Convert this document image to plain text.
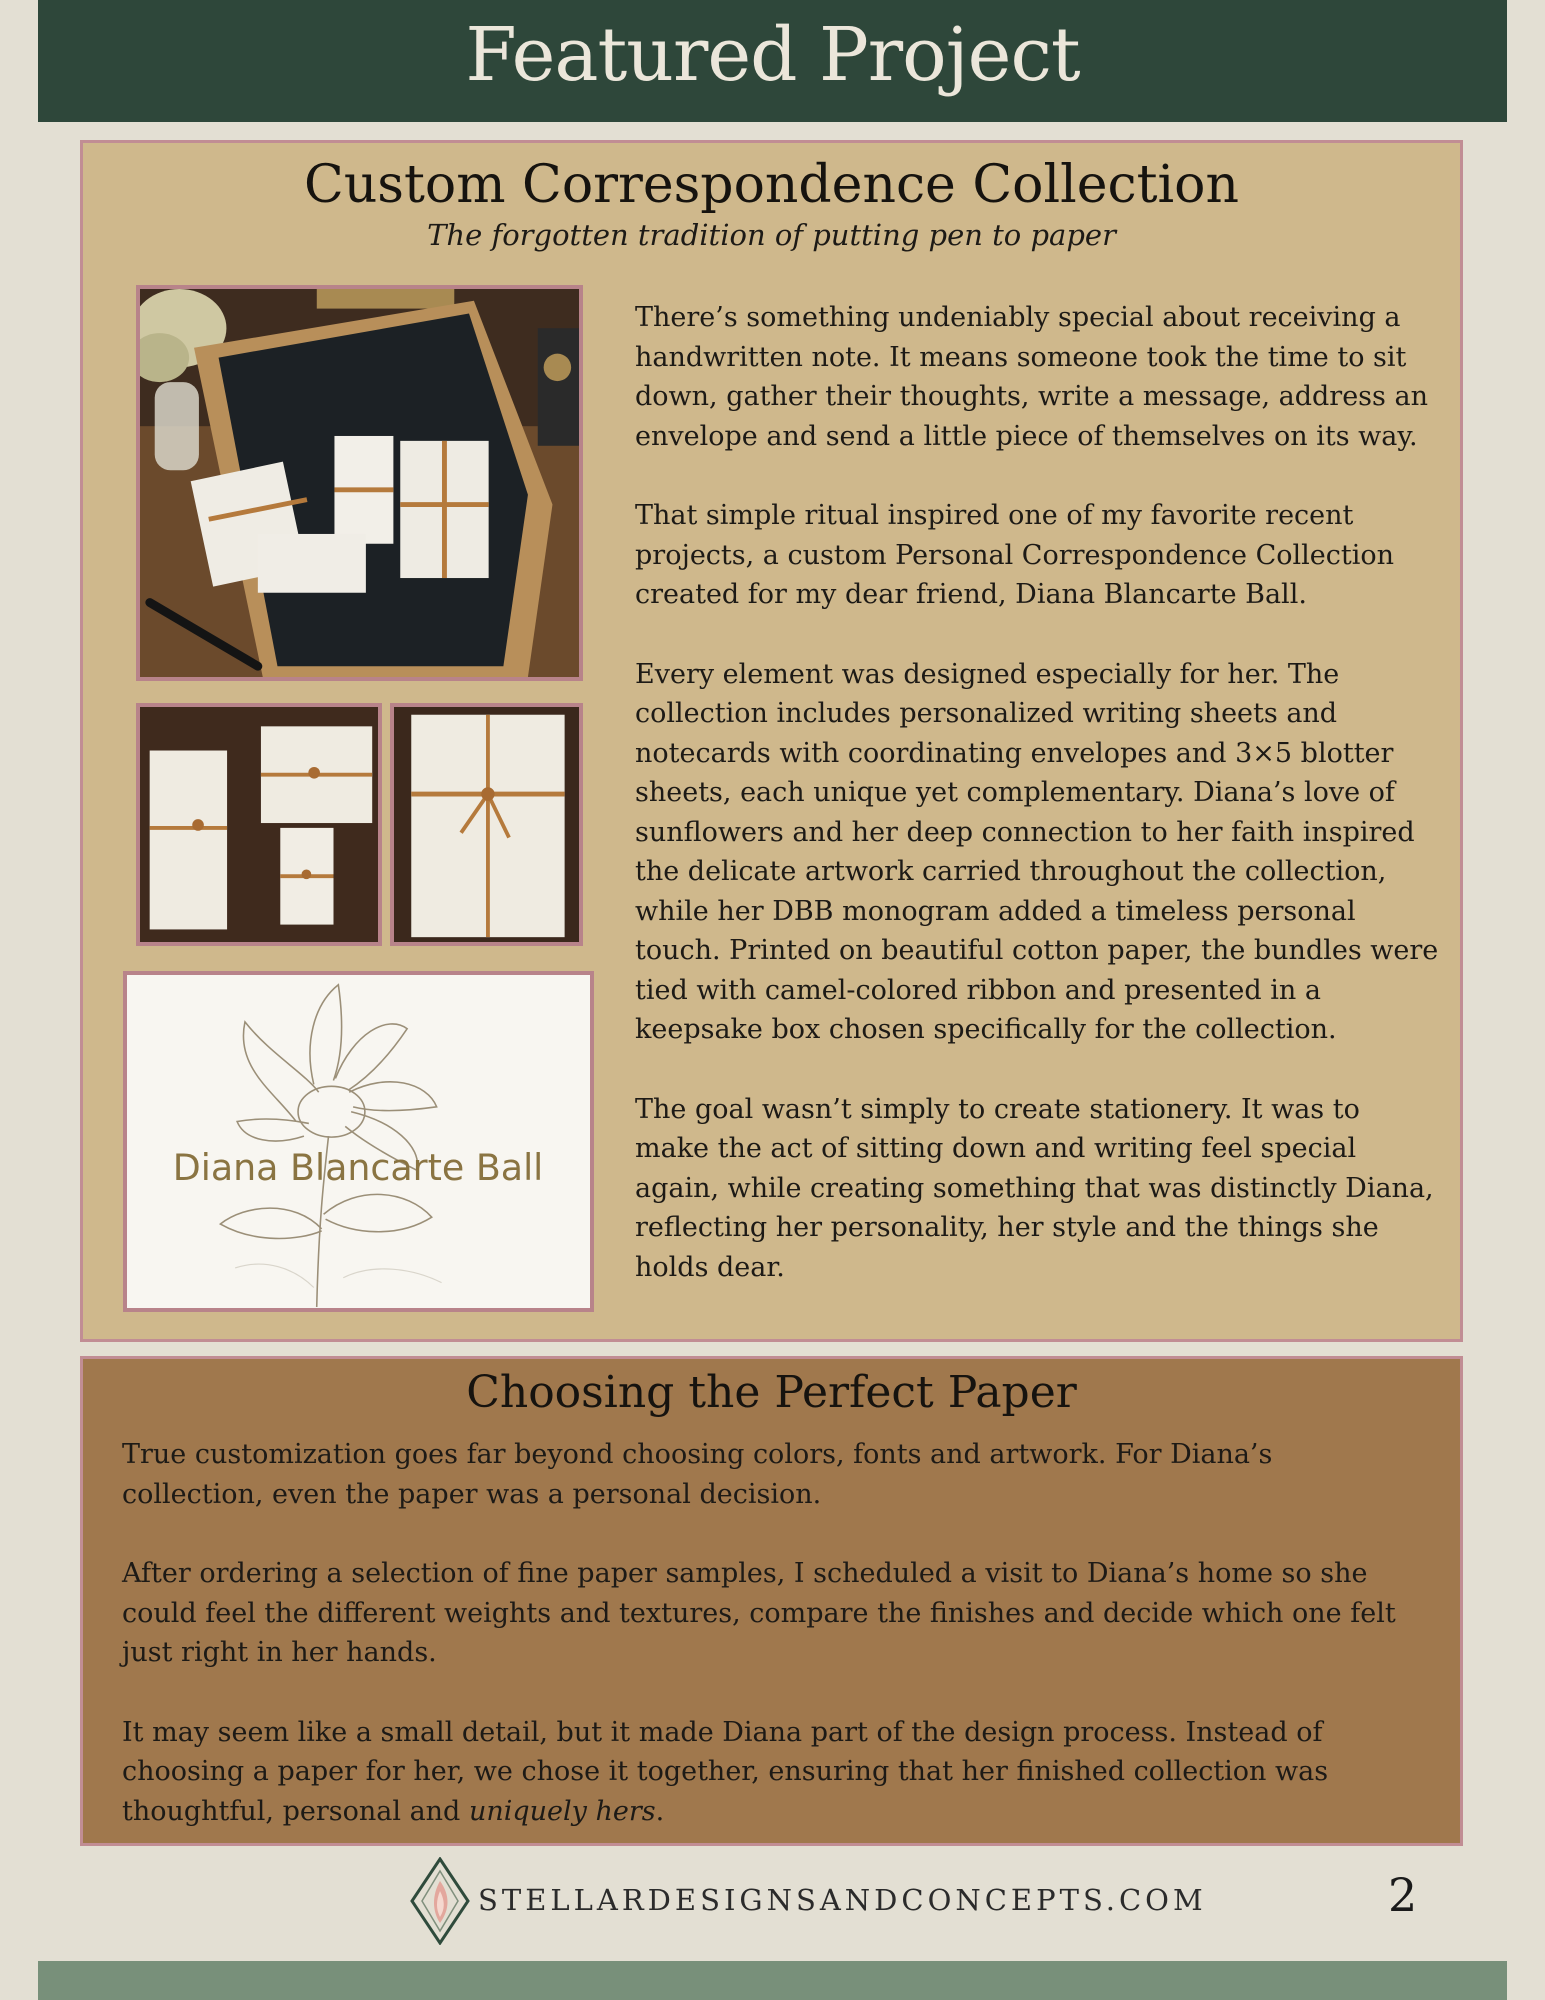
Featured Project
Custom Correspondence Collection
The forgotten tradition of putting pen to paper
Diana Blancarte Ball

There’s something undeniably special about receiving a handwritten note. It means someone took the time to sit down, gather their thoughts, write a message, address an envelope and send a little piece of themselves on its way.

That simple ritual inspired one of my favorite recent projects, a custom Personal Correspondence Collection created for my dear friend, Diana Blancarte Ball.

Every element was designed especially for her. The collection includes personalized writing sheets and notecards with coordinating envelopes and 3×5 blotter sheets, each unique yet complementary. Diana’s love of sunflowers and her deep connection to her faith inspired the delicate artwork carried throughout the collection, while her DBB monogram added a timeless personal touch. Printed on beautiful cotton paper, the bundles were tied with camel-colored ribbon and presented in a keepsake box chosen specifically for the collection.

The goal wasn’t simply to create stationery. It was to make the act of sitting down and writing feel special again, while creating something that was distinctly Diana, reflecting her personality, her style and the things she holds dear.

Choosing the Perfect Paper

True customization goes far beyond choosing colors, fonts and artwork. For Diana’s collection, even the paper was a personal decision.

After ordering a selection of fine paper samples, I scheduled a visit to Diana’s home so she could feel the different weights and textures, compare the finishes and decide which one felt just right in her hands.

It may seem like a small detail, but it made Diana part of the design process. Instead of choosing a paper for her, we chose it together, ensuring that her finished collection was thoughtful, personal and uniquely hers.

STELLARDESIGNSANDCONCEPTS.COM	2
